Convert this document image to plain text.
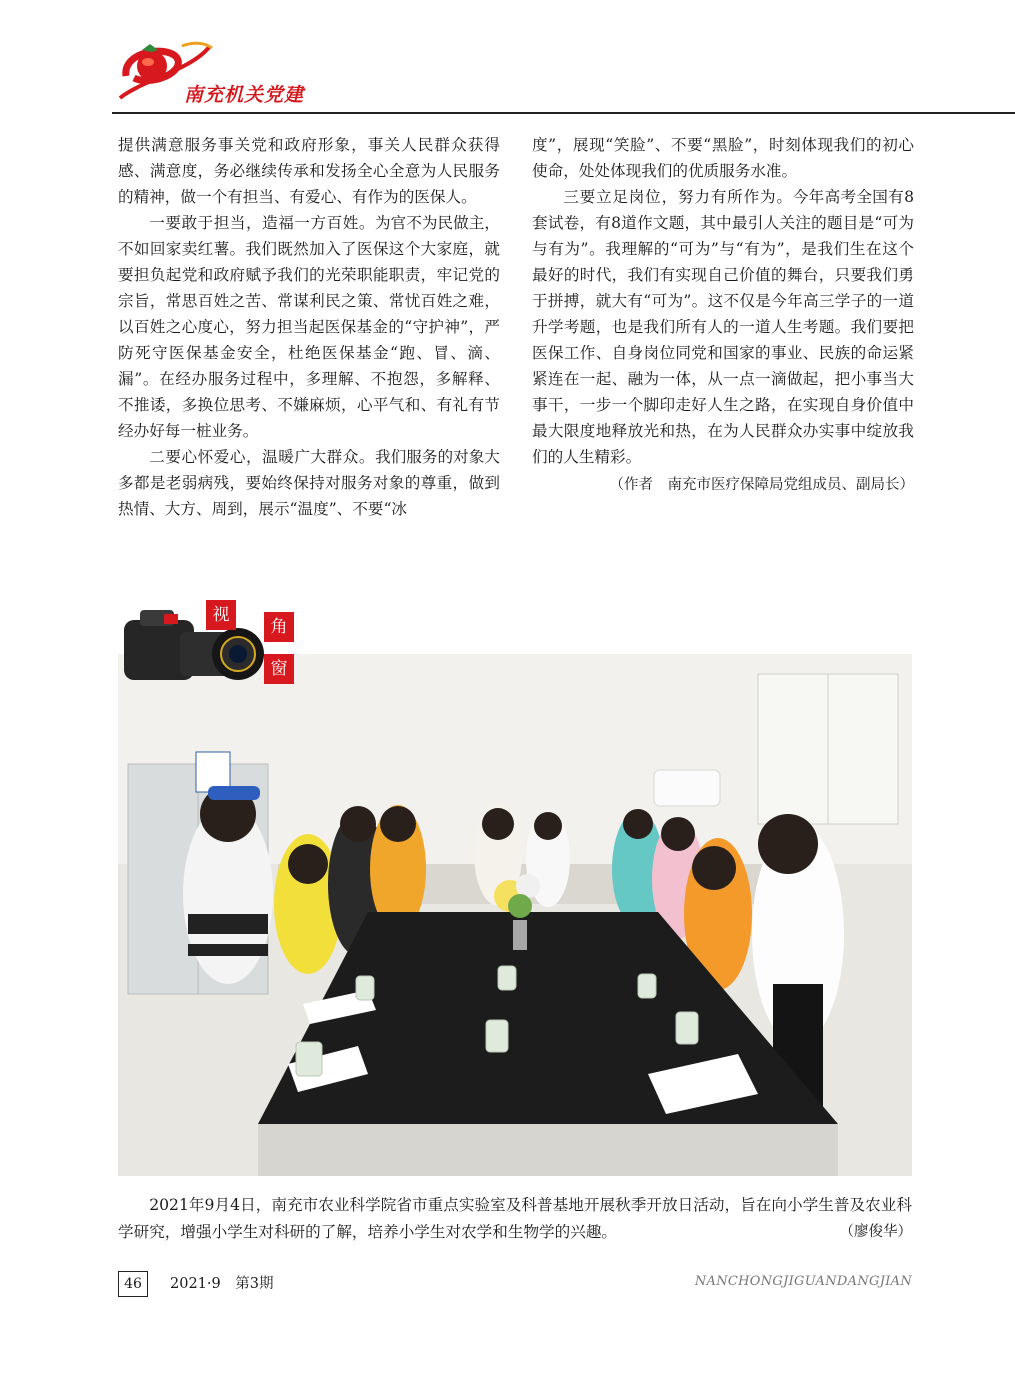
南充机关党建

提供满意服务事关党和政府形象，事关人民群众获得感、满意度，务必继续传承和发扬全心全意为人民服务的精神，做一个有担当、有爱心、有作为的医保人。

一要敢于担当，造福一方百姓。为官不为民做主，不如回家卖红薯。我们既然加入了医保这个大家庭，就要担负起党和政府赋予我们的光荣职能职责，牢记党的宗旨，常思百姓之苦、常谋利民之策、常忧百姓之难，以百姓之心度心，努力担当起医保基金的“守护神”，严防死守医保基金安全，杜绝医保基金“跑、冒、滴、漏”。在经办服务过程中，多理解、不抱怨，多解释、不推诿，多换位思考、不嫌麻烦，心平气和、有礼有节经办好每一桩业务。

二要心怀爱心，温暖广大群众。我们服务的对象大多都是老弱病残，要始终保持对服务对象的尊重，做到热情、大方、周到，展示“温度”、不要“冰

度”，展现“笑脸”、不要“黑脸”，时刻体现我们的初心使命，处处体现我们的优质服务水准。

三要立足岗位，努力有所作为。今年高考全国有8套试卷，有8道作文题，其中最引人关注的题目是“可为与有为”。我理解的“可为”与“有为”，是我们生在这个最好的时代，我们有实现自己价值的舞台，只要我们勇于拼搏，就大有“可为”。这不仅是今年高三学子的一道升学考题，也是我们所有人的一道人生考题。我们要把医保工作、自身岗位同党和国家的事业、民族的命运紧紧连在一起、融为一体，从一点一滴做起，把小事当大事干，一步一个脚印走好人生之路，在实现自身价值中最大限度地释放光和热，在为人民群众办实事中绽放我们的人生精彩。

（作者　南充市医疗保障局党组成员、副局长）

视
角
窗
2021年9月4日，南充市农业科学院省市重点实验室及科普基地开展秋季开放日活动，旨在向小学生普及农业科学研究，增强小学生对科研的了解，培养小学生对农学和生物学的兴趣。	（廖俊华）
46	2021·9　第3期	NANCHONGJIGUANDANGJIAN
